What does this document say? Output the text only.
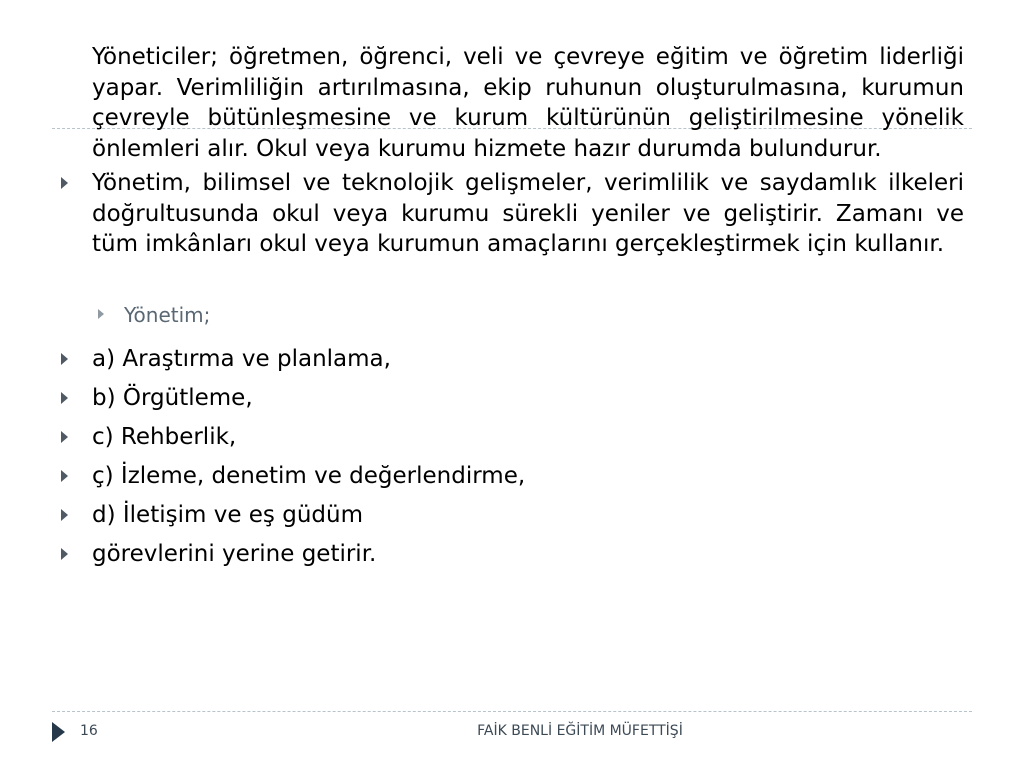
Yöneticiler; öğretmen, öğrenci, veli ve çevreye eğitim ve öğretim liderliği yapar. Verimliliğin artırılmasına, ekip ruhunun oluşturulmasına, kurumun çevreyle bütünleşmesine ve kurum kültürünün geliştirilmesine yönelik önlemleri alır. Okul veya kurumu hizmete hazır durumda bulundurur.

Yönetim, bilimsel ve teknolojik gelişmeler, verimlilik ve saydamlık ilkeleri doğrultusunda okul veya kurumu sürekli yeniler ve geliştirir. Zamanı ve tüm imkânları okul veya kurumun amaçlarını gerçekleştirmek için kullanır.

Yönetim;

a) Araştırma ve planlama,

b) Örgütleme,

c) Rehberlik,

ç) İzleme, denetim ve değerlendirme,

d) İletişim ve eş güdüm

görevlerini yerine getirir.

16	FAİK BENLİ EĞİTİM MÜFETTİŞİ
